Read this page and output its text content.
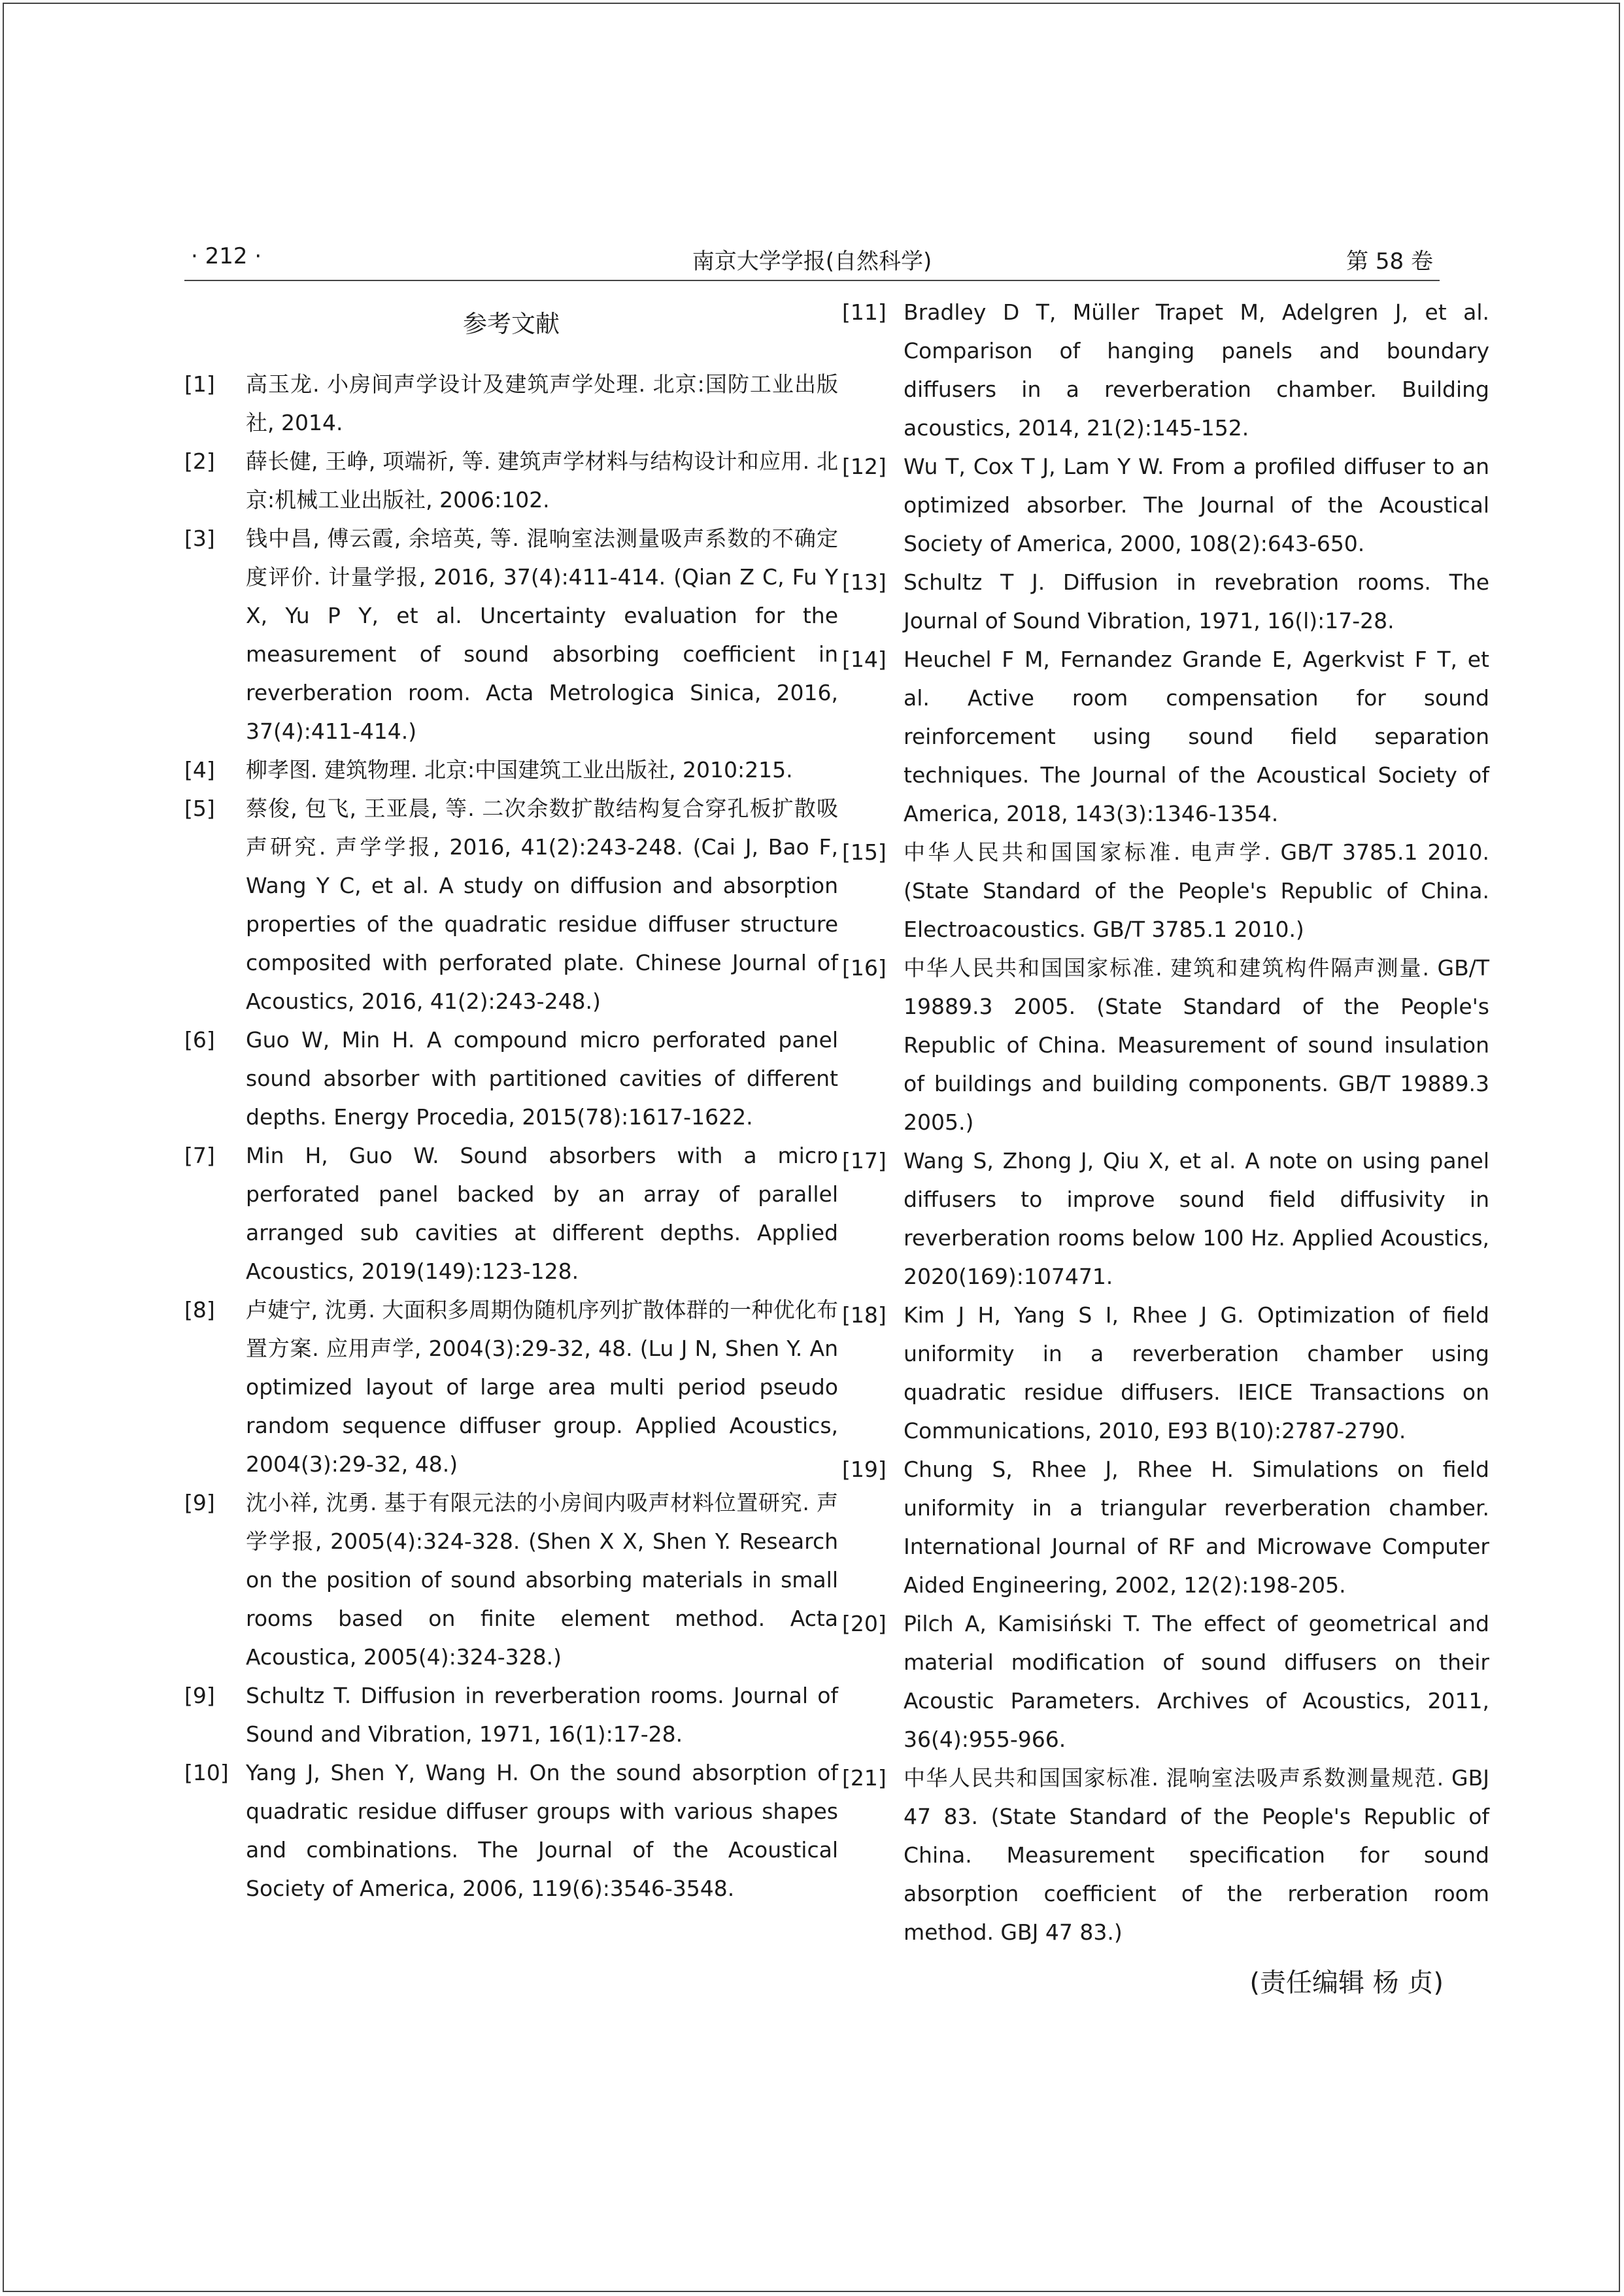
· 212 ·	南京大学学报(自然科学)	第 58 卷
参考文献
[1] 高玉龙. 小房间声学设计及建筑声学处理. 北京:国防工业出版社, 2014.
[2] 薛长健, 王峥, 项端祈, 等. 建筑声学材料与结构设计和应用. 北京:机械工业出版社, 2006:102.
[3] 钱中昌, 傅云霞, 余培英, 等. 混响室法测量吸声系数的不确定度评价. 计量学报, 2016, 37(4):411-414. (Qian Z C, Fu Y X, Yu P Y, et al. Uncertainty evaluation for the measurement of sound absorbing coefficient in reverberation room. Acta Metrologica Sinica, 2016, 37(4):411-414.)
[4] 柳孝图. 建筑物理. 北京:中国建筑工业出版社, 2010:215.
[5] 蔡俊, 包飞, 王亚晨, 等. 二次余数扩散结构复合穿孔板扩散吸声研究. 声学学报, 2016, 41(2):243-248. (Cai J, Bao F, Wang Y C, et al. A study on diffusion and absorption properties of the quadratic residue diffuser structure composited with perforated plate. Chinese Journal of Acoustics, 2016, 41(2):243-248.)
[6] Guo W, Min H. A compound micro perforated panel sound absorber with partitioned cavities of different depths. Energy Procedia, 2015(78):1617-1622.
[7] Min H, Guo W. Sound absorbers with a micro perforated panel backed by an array of parallel arranged sub cavities at different depths. Applied Acoustics, 2019(149):123-128.
[8] 卢婕宁, 沈勇. 大面积多周期伪随机序列扩散体群的一种优化布置方案. 应用声学, 2004(3):29-32, 48. (Lu J N, Shen Y. An optimized layout of large area multi period pseudo random sequence diffuser group. Applied Acoustics, 2004(3):29-32, 48.)
[9] 沈小祥, 沈勇. 基于有限元法的小房间内吸声材料位置研究. 声学学报, 2005(4):324-328. (Shen X X, Shen Y. Research on the position of sound absorbing materials in small rooms based on finite element method. Acta Acoustica, 2005(4):324-328.)
[9] Schultz T. Diffusion in reverberation rooms. Journal of Sound and Vibration, 1971, 16(1):17-28.
[10] Yang J, Shen Y, Wang H. On the sound absorption of quadratic residue diffuser groups with various shapes and combinations. The Journal of the Acoustical Society of America, 2006, 119(6):3546-3548.
[11] Bradley D T, Müller Trapet M, Adelgren J, et al. Comparison of hanging panels and boundary diffusers in a reverberation chamber. Building acoustics, 2014, 21(2):145-152.
[12] Wu T, Cox T J, Lam Y W. From a profiled diffuser to an optimized absorber. The Journal of the Acoustical Society of America, 2000, 108(2):643-650.
[13] Schultz T J. Diffusion in revebration rooms. The Journal of Sound Vibration, 1971, 16(l):17-28.
[14] Heuchel F M, Fernandez Grande E, Agerkvist F T, et al. Active room compensation for sound reinforcement using sound field separation techniques. The Journal of the Acoustical Society of America, 2018, 143(3):1346-1354.
[15] 中华人民共和国国家标准. 电声学. GB/T 3785.1 2010. (State Standard of the People's Republic of China. Electroacoustics. GB/T 3785.1 2010.)
[16] 中华人民共和国国家标准. 建筑和建筑构件隔声测量. GB/T 19889.3 2005. (State Standard of the People's Republic of China. Measurement of sound insulation of buildings and building components. GB/T 19889.3 2005.)
[17] Wang S, Zhong J, Qiu X, et al. A note on using panel diffusers to improve sound field diffusivity in reverberation rooms below 100 Hz. Applied Acoustics, 2020(169):107471.
[18] Kim J H, Yang S I, Rhee J G. Optimization of field uniformity in a reverberation chamber using quadratic residue diffusers. IEICE Transactions on Communications, 2010, E93 B(10):2787-2790.
[19] Chung S, Rhee J, Rhee H. Simulations on field uniformity in a triangular reverberation chamber. International Journal of RF and Microwave Computer Aided Engineering, 2002, 12(2):198-205.
[20] Pilch A, Kamisiński T. The effect of geometrical and material modification of sound diffusers on their Acoustic Parameters. Archives of Acoustics, 2011, 36(4):955-966.
[21] 中华人民共和国国家标准. 混响室法吸声系数测量规范. GBJ 47 83. (State Standard of the People's Republic of China. Measurement specification for sound absorption coefficient of the rerberation room method. GBJ 47 83.)
(责任编辑 杨 贞)
